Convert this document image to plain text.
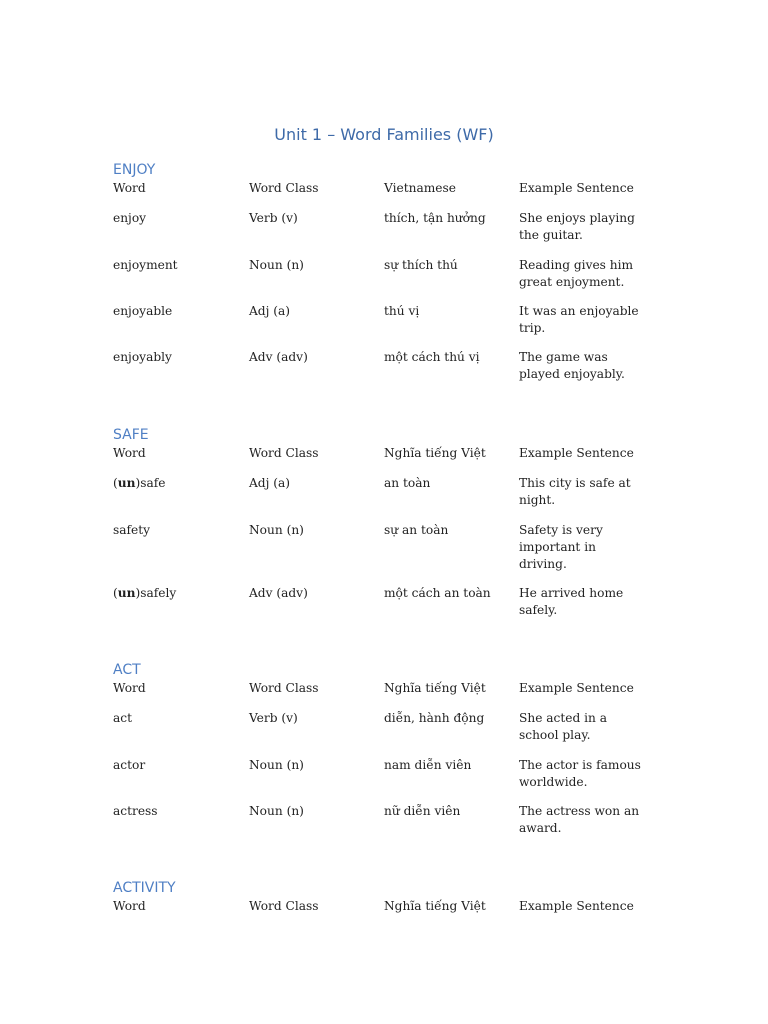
Unit 1 – Word Families (WF)
ENJOY
Word	Word Class	Vietnamese	Example Sentence
enjoy	Verb (v)	thích, tận hưởng	She enjoys playing the guitar.
enjoyment	Noun (n)	sự thích thú	Reading gives him great enjoyment.
enjoyable	Adj (a)	thú vị	It was an enjoyable trip.
enjoyably	Adv (adv)	một cách thú vị	The game was played enjoyably.
SAFE
Word	Word Class	Nghĩa tiếng Việt	Example Sentence
(un)safe	Adj (a)	an toàn	This city is safe at night.
safety	Noun (n)	sự an toàn	Safety is very important in driving.
(un)safely	Adv (adv)	một cách an toàn	He arrived home safely.
ACT
Word	Word Class	Nghĩa tiếng Việt	Example Sentence
act	Verb (v)	diễn, hành động	She acted in a school play.
actor	Noun (n)	nam diễn viên	The actor is famous worldwide.
actress	Noun (n)	nữ diễn viên	The actress won an award.
ACTIVITY
Word	Word Class	Nghĩa tiếng Việt	Example Sentence
